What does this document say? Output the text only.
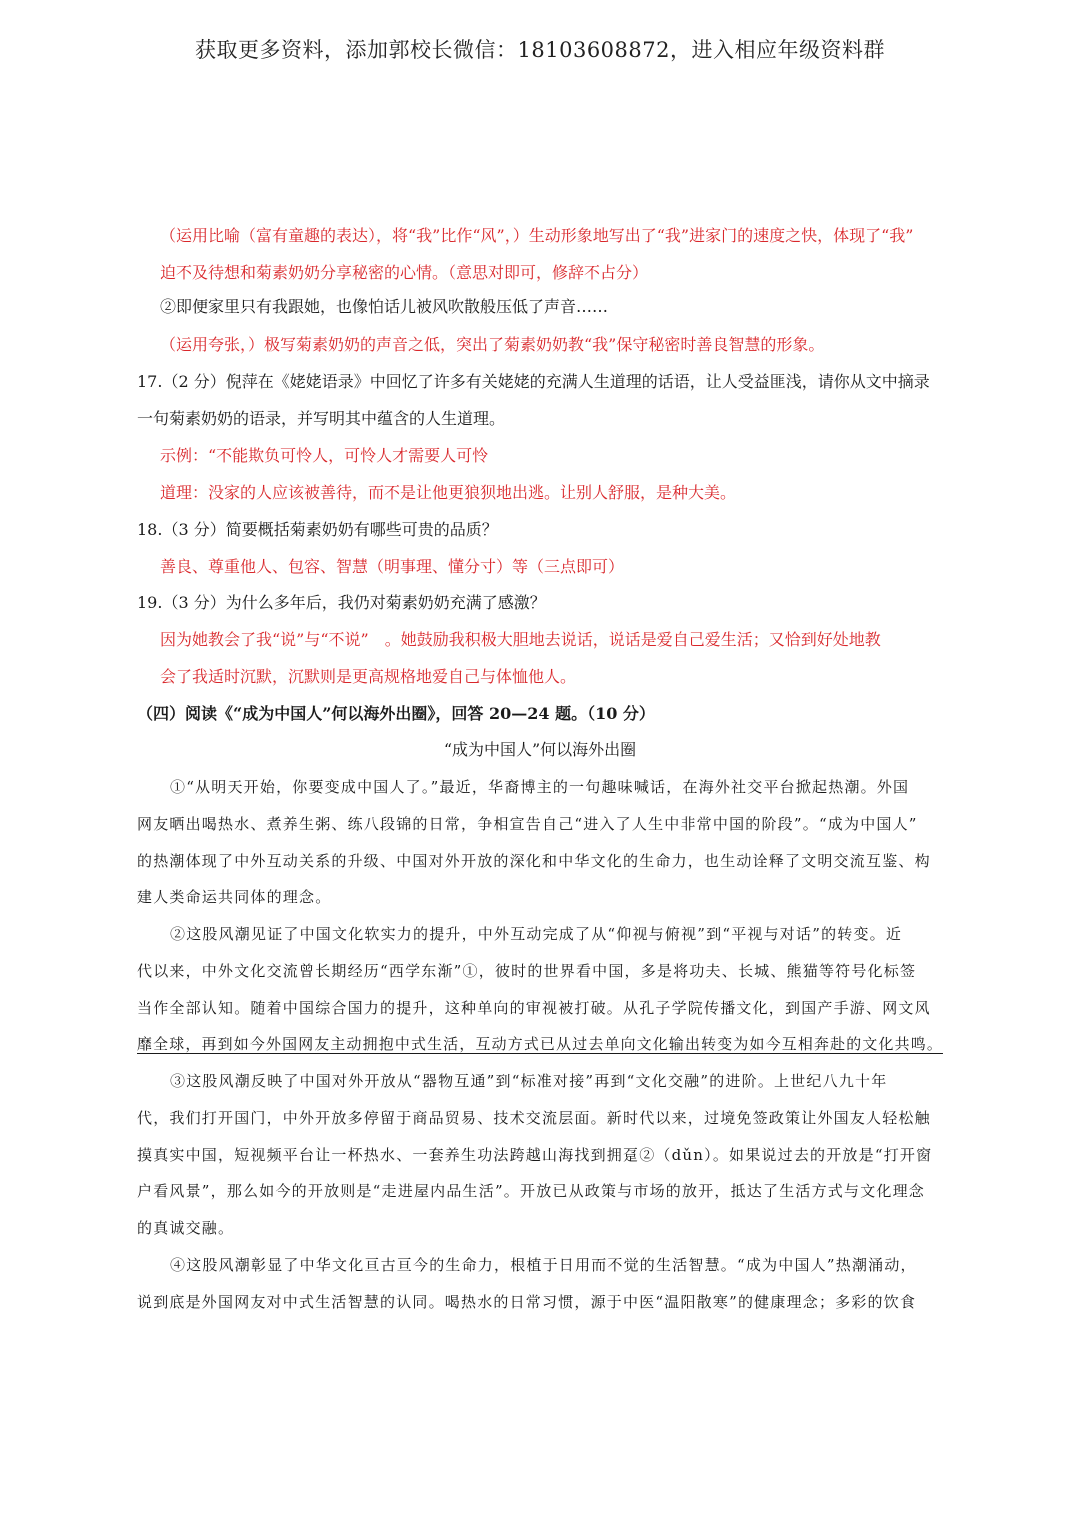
获取更多资料，添加郭校长微信：18103608872，进入相应年级资料群
（运用比喻（富有童趣的表达），将“我”比作“风”，）生动形象地写出了“我”进家门的速度之快，体现了“我”
迫不及待想和菊素奶奶分享秘密的心情。（意思对即可，修辞不占分）
②即便家里只有我跟她，也像怕话儿被风吹散般压低了声音……
（运用夸张，）极写菊素奶奶的声音之低，突出了菊素奶奶教“我”保守秘密时善良智慧的形象。
17.（2 分）倪萍在《姥姥语录》中回忆了许多有关姥姥的充满人生道理的话语，让人受益匪浅，请你从文中摘录
一句菊素奶奶的语录，并写明其中蕴含的人生道理。
示例：“不能欺负可怜人，可怜人才需要人可怜
道理：没家的人应该被善待，而不是让他更狼狈地出逃。让别人舒服，是种大美。
18.（3 分）简要概括菊素奶奶有哪些可贵的品质？
善良、尊重他人、包容、智慧（明事理、懂分寸）等（三点即可）
19.（3 分）为什么多年后，我仍对菊素奶奶充满了感激？
因为她教会了我“说”与“不说”　。她鼓励我积极大胆地去说话，说话是爱自己爱生活；又恰到好处地教
会了我适时沉默，沉默则是更高规格地爱自己与体恤他人。
（四）阅读《“成为中国人”何以海外出圈》，回答 20—24 题。（10 分）
“成为中国人”何以海外出圈
①“从明天开始，你要变成中国人了。”最近，华裔博主的一句趣味喊话，在海外社交平台掀起热潮。外国
网友晒出喝热水、煮养生粥、练八段锦的日常，争相宣告自己“进入了人生中非常中国的阶段”。“成为中国人”
的热潮体现了中外互动关系的升级、中国对外开放的深化和中华文化的生命力，也生动诠释了文明交流互鉴、构
建人类命运共同体的理念。
②这股风潮见证了中国文化软实力的提升，中外互动完成了从“仰视与俯视”到“平视与对话”的转变。近
代以来，中外文化交流曾长期经历“西学东渐”①，彼时的世界看中国，多是将功夫、长城、熊猫等符号化标签
当作全部认知。随着中国综合国力的提升，这种单向的审视被打破。从孔子学院传播文化，到国产手游、网文风
靡全球，再到如今外国网友主动拥抱中式生活，互动方式已从过去单向文化输出转变为如今互相奔赴的文化共鸣。
③这股风潮反映了中国对外开放从“器物互通”到“标准对接”再到“文化交融”的进阶。上世纪八九十年
代，我们打开国门，中外开放多停留于商品贸易、技术交流层面。新时代以来，过境免签政策让外国友人轻松触
摸真实中国，短视频平台让一杯热水、一套养生功法跨越山海找到拥趸②（dǔn）。如果说过去的开放是“打开窗
户看风景”，那么如今的开放则是“走进屋内品生活”。开放已从政策与市场的放开，抵达了生活方式与文化理念
的真诚交融。
④这股风潮彰显了中华文化亘古亘今的生命力，根植于日用而不觉的生活智慧。“成为中国人”热潮涌动，
说到底是外国网友对中式生活智慧的认同。喝热水的日常习惯，源于中医“温阳散寒”的健康理念；多彩的饮食
